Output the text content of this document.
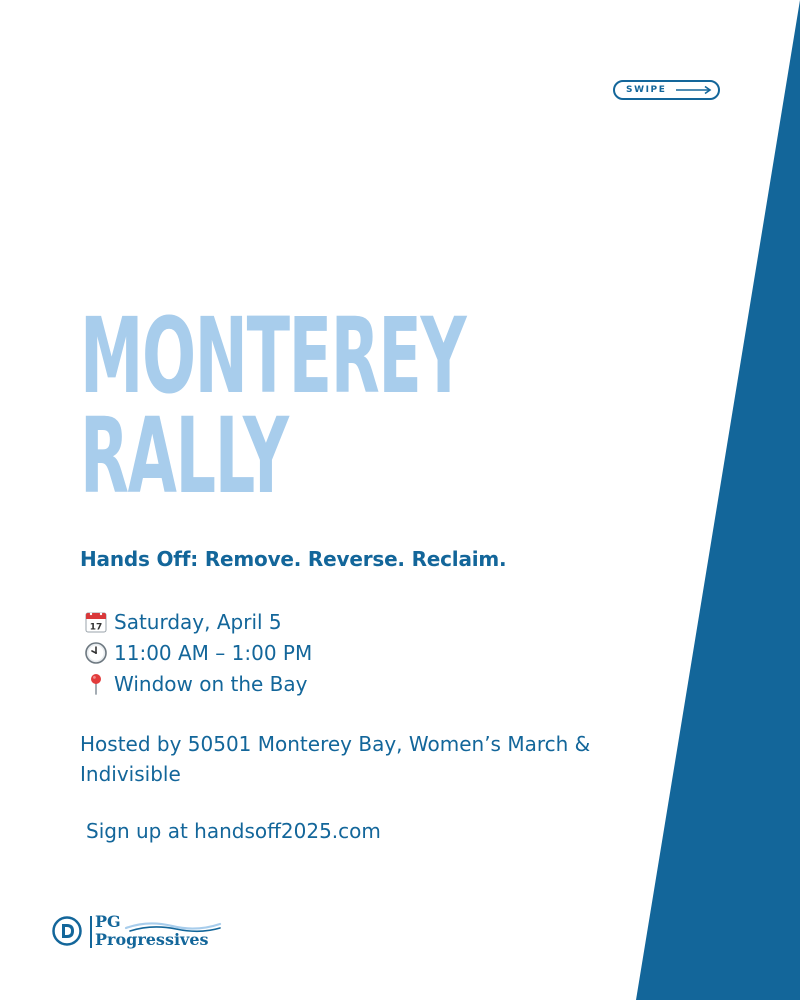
SWIPE
MONTEREY
RALLY

Hands Off: Remove. Reverse. Reclaim.

17 Saturday, April 5
11:00 AM – 1:00 PM
Window on the Bay

Hosted by 50501 Monterey Bay, Women’s March & Indivisible

Sign up at handsoff2025.com

PG
Progressives
